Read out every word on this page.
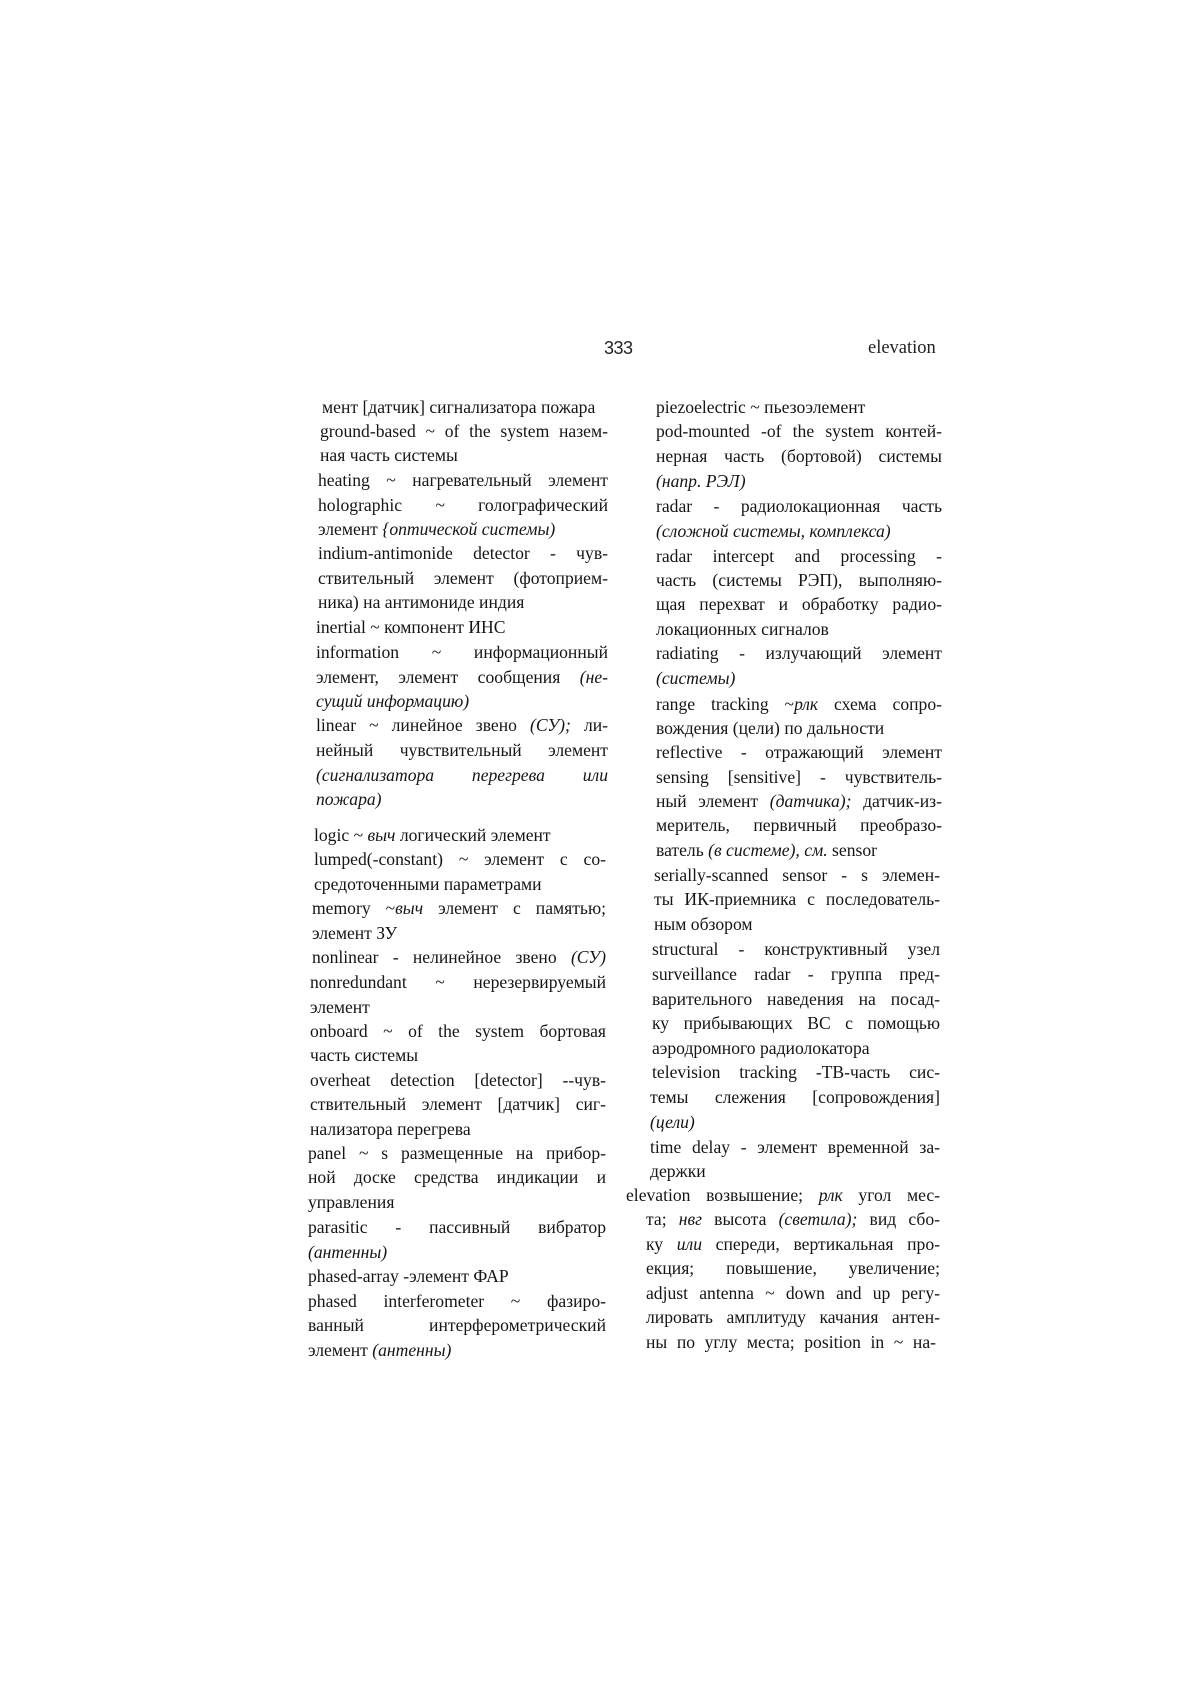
333	elevation
мент [датчик] сигнализатора пожара
ground-based ~ of the system назем-
ная часть системы
heating ~ нагревательный элемент
holographic ~ голографический
элемент {оптической системы)
indium-antimonide detector - чув-
ствительный элемент (фотоприем-
ника) на антимониде индия
inertial ~ компонент ИНС
information ~ информационный
элемент, элемент сообщения (не-
сущий информацию)
linear ~ линейное звено (СУ); ли-
нейный чувствительный элемент
(сигнализатора перегрева или
пожара)
logic ~ выч логический элемент
lumped(-constant) ~ элемент с со-
средоточенными параметрами
memory ~выч элемент с памятью;
элемент ЗУ
nonlinear - нелинейное звено (СУ)
nonredundant ~ нерезервируемый
элемент
onboard ~ of the system бортовая
часть системы
overheat detection [detector] --чув-
ствительный элемент [датчик] сиг-
нализатора перегрева
panel ~ s размещенные на прибор-
ной доске средства индикации и
управления
parasitic - пассивный вибратор
(антенны)
phased-array -элемент ФАР
phased interferometer ~ фазиро-
ванный интерферометрический
элемент (антенны)
piezoelectric ~ пьезоэлемент
pod-mounted -of the system контей-
нерная часть (бортовой) системы
(напр. РЭЛ)
radar - радиолокационная часть
(сложной системы, комплекса)
radar intercept and processing -
часть (системы РЭП), выполняю-
щая перехват и обработку радио-
локационных сигналов
radiating - излучающий элемент
(системы)
range tracking ~рлк схема сопро-
вождения (цели) по дальности
reflective - отражающий элемент
sensing [sensitive] - чувствитель-
ный элемент (датчика); датчик-из-
меритель, первичный преобразо-
ватель (в системе), см. sensor
serially-scanned sensor - s элемен-
ты ИК-приемника с последователь-
ным обзором
structural - конструктивный узел
surveillance radar - группа пред-
варительного наведения на посад-
ку прибывающих ВС с помощью
аэродромного радиолокатора
television tracking -ТВ-часть сис-
темы слежения [сопровождения]
(цели)
time delay - элемент временной за-
держки
elevation возвышение; рлк угол мес-
та; нвг высота (светила); вид сбо-
ку или спереди, вертикальная про-
екция; повышение, увеличение;
adjust antenna ~ down and up регу-
лировать амплитуду качания антен-
ны по углу места; position in ~ на-
